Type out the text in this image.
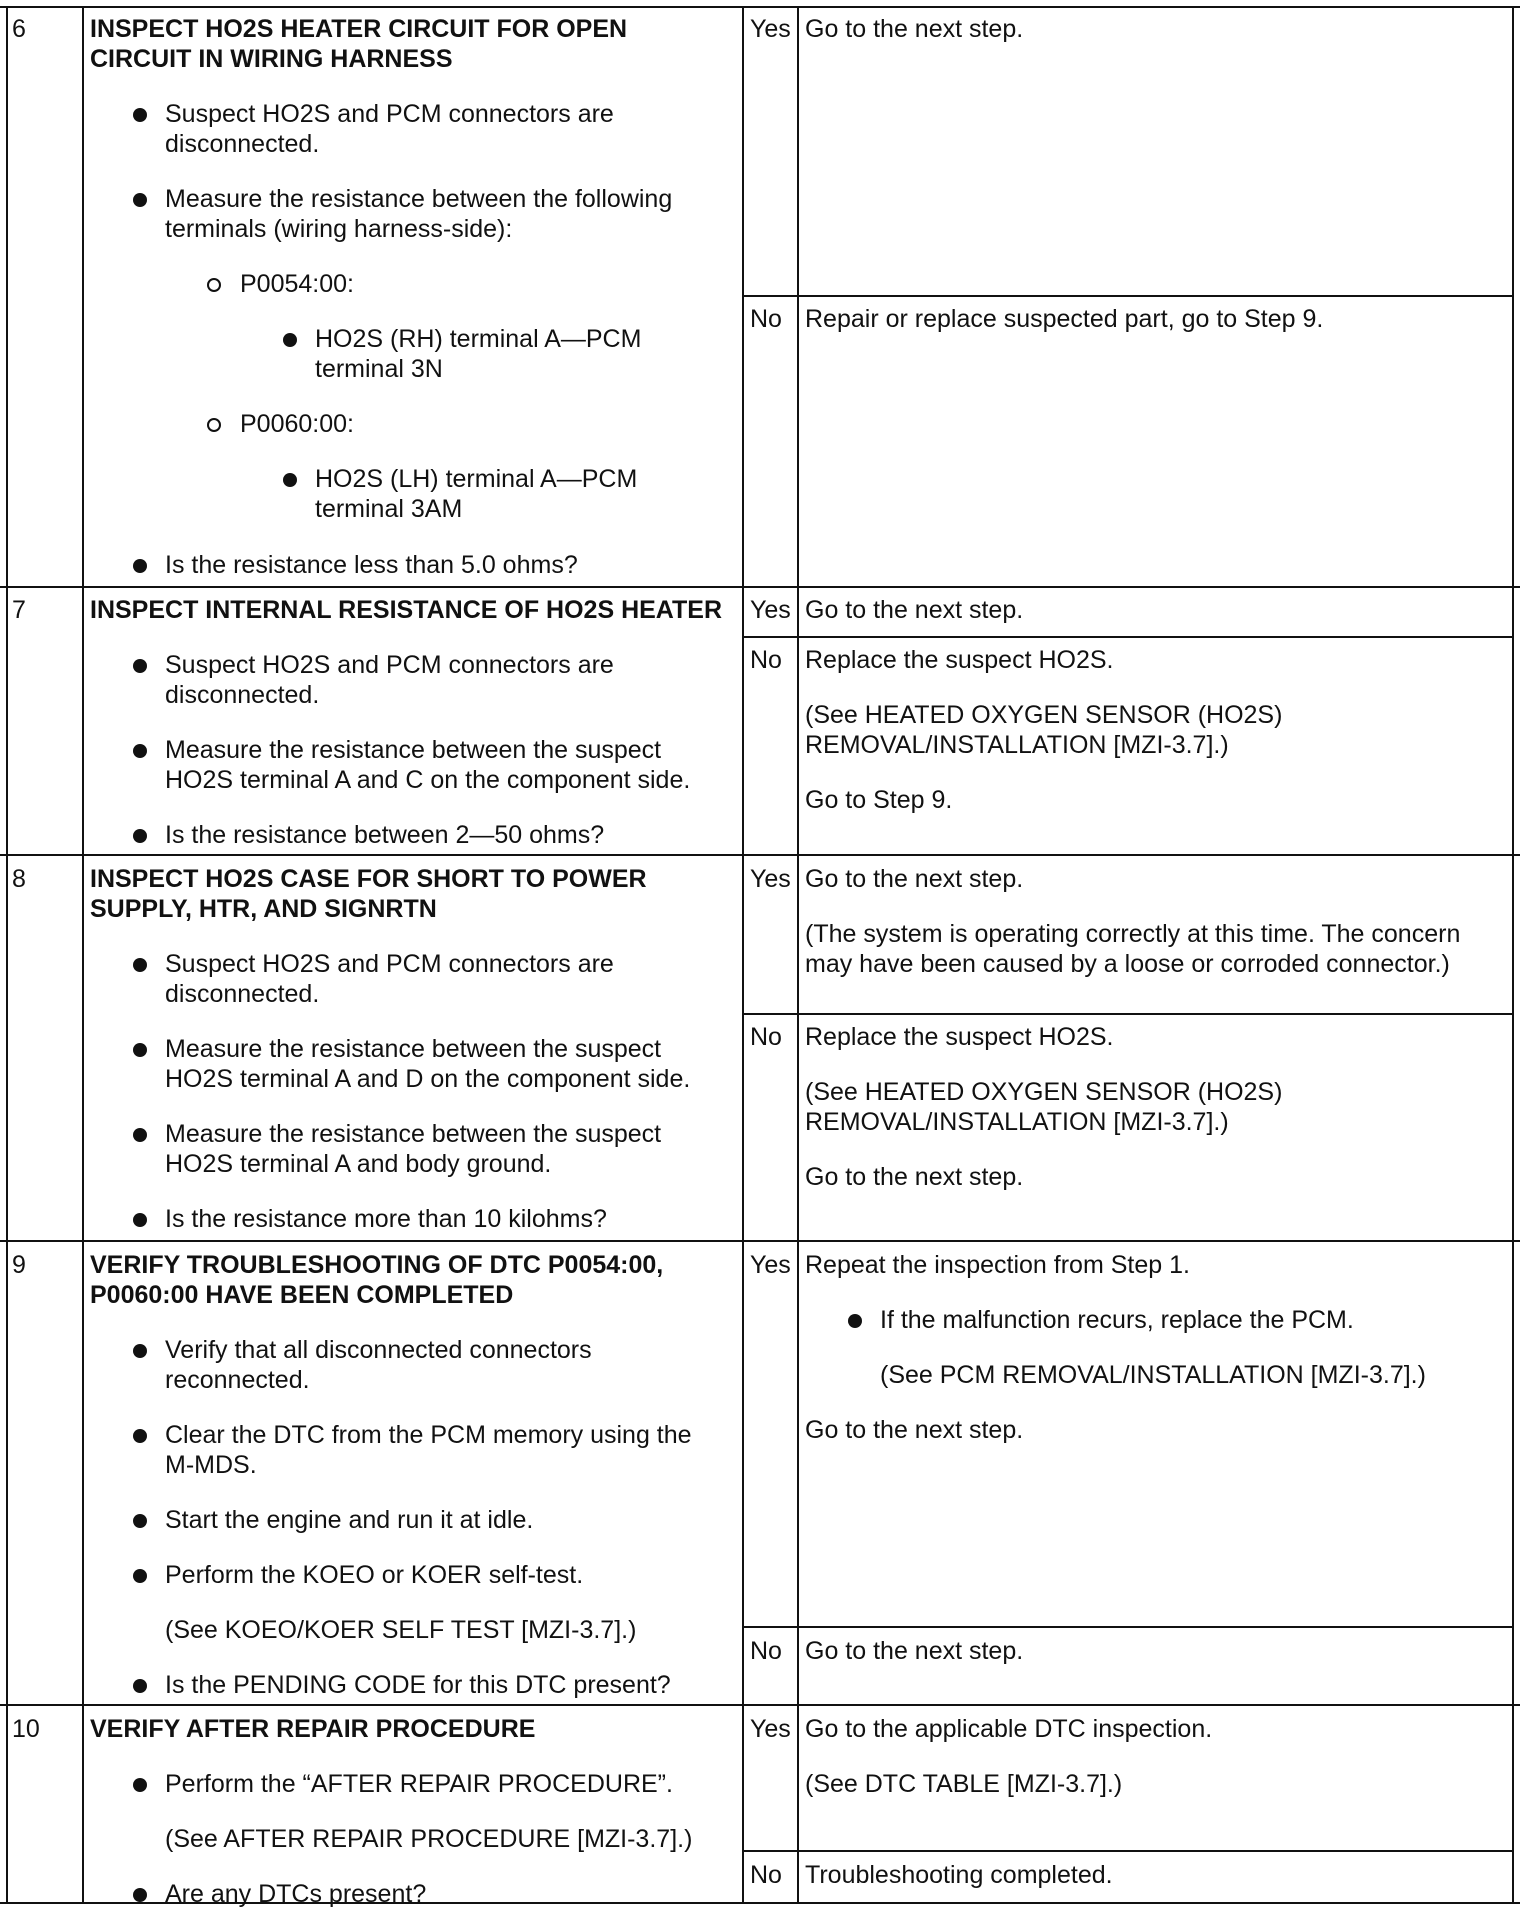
6	INSPECT HO2S HEATER CIRCUIT FOR OPEN
CIRCUIT IN WIRING HARNESS
Suspect HO2S and PCM connectors are
disconnected.
Measure the resistance between the following
terminals (wiring harness-side):
P0054:00:
HO2S (RH) terminal A—PCM
terminal 3N
P0060:00:
HO2S (LH) terminal A—PCM
terminal 3AM
Is the resistance less than 5.0 ohms?
Yes Go to the next step.
No Repair or replace suspected part, go to Step 9.
7	INSPECT INTERNAL RESISTANCE OF HO2S HEATER
Suspect HO2S and PCM connectors are
disconnected.
Measure the resistance between the suspect
HO2S terminal A and C on the component side.
Is the resistance between 2—50 ohms?
Yes Go to the next step.
No Replace the suspect HO2S.
(See HEATED OXYGEN SENSOR (HO2S)
REMOVAL/INSTALLATION [MZI-3.7].)
Go to Step 9.
8	INSPECT HO2S CASE FOR SHORT TO POWER
SUPPLY, HTR, AND SIGNRTN
Suspect HO2S and PCM connectors are
disconnected.
Measure the resistance between the suspect
HO2S terminal A and D on the component side.
Measure the resistance between the suspect
HO2S terminal A and body ground.
Is the resistance more than 10 kilohms?
Yes Go to the next step.
(The system is operating correctly at this time. The concern
may have been caused by a loose or corroded connector.)
No Replace the suspect HO2S.
(See HEATED OXYGEN SENSOR (HO2S)
REMOVAL/INSTALLATION [MZI-3.7].)
Go to the next step.
9	VERIFY TROUBLESHOOTING OF DTC P0054:00,
P0060:00 HAVE BEEN COMPLETED
Verify that all disconnected connectors
reconnected.
Clear the DTC from the PCM memory using the
M-MDS.
Start the engine and run it at idle.
Perform the KOEO or KOER self-test.
(See KOEO/KOER SELF TEST [MZI-3.7].)
Is the PENDING CODE for this DTC present?
Yes Repeat the inspection from Step 1.
If the malfunction recurs, replace the PCM.
(See PCM REMOVAL/INSTALLATION [MZI-3.7].)
Go to the next step.
No Go to the next step.
10 VERIFY AFTER REPAIR PROCEDURE
Perform the “AFTER REPAIR PROCEDURE”.
(See AFTER REPAIR PROCEDURE [MZI-3.7].)
Are any DTCs present?
Yes Go to the applicable DTC inspection.
(See DTC TABLE [MZI-3.7].)
No Troubleshooting completed.
